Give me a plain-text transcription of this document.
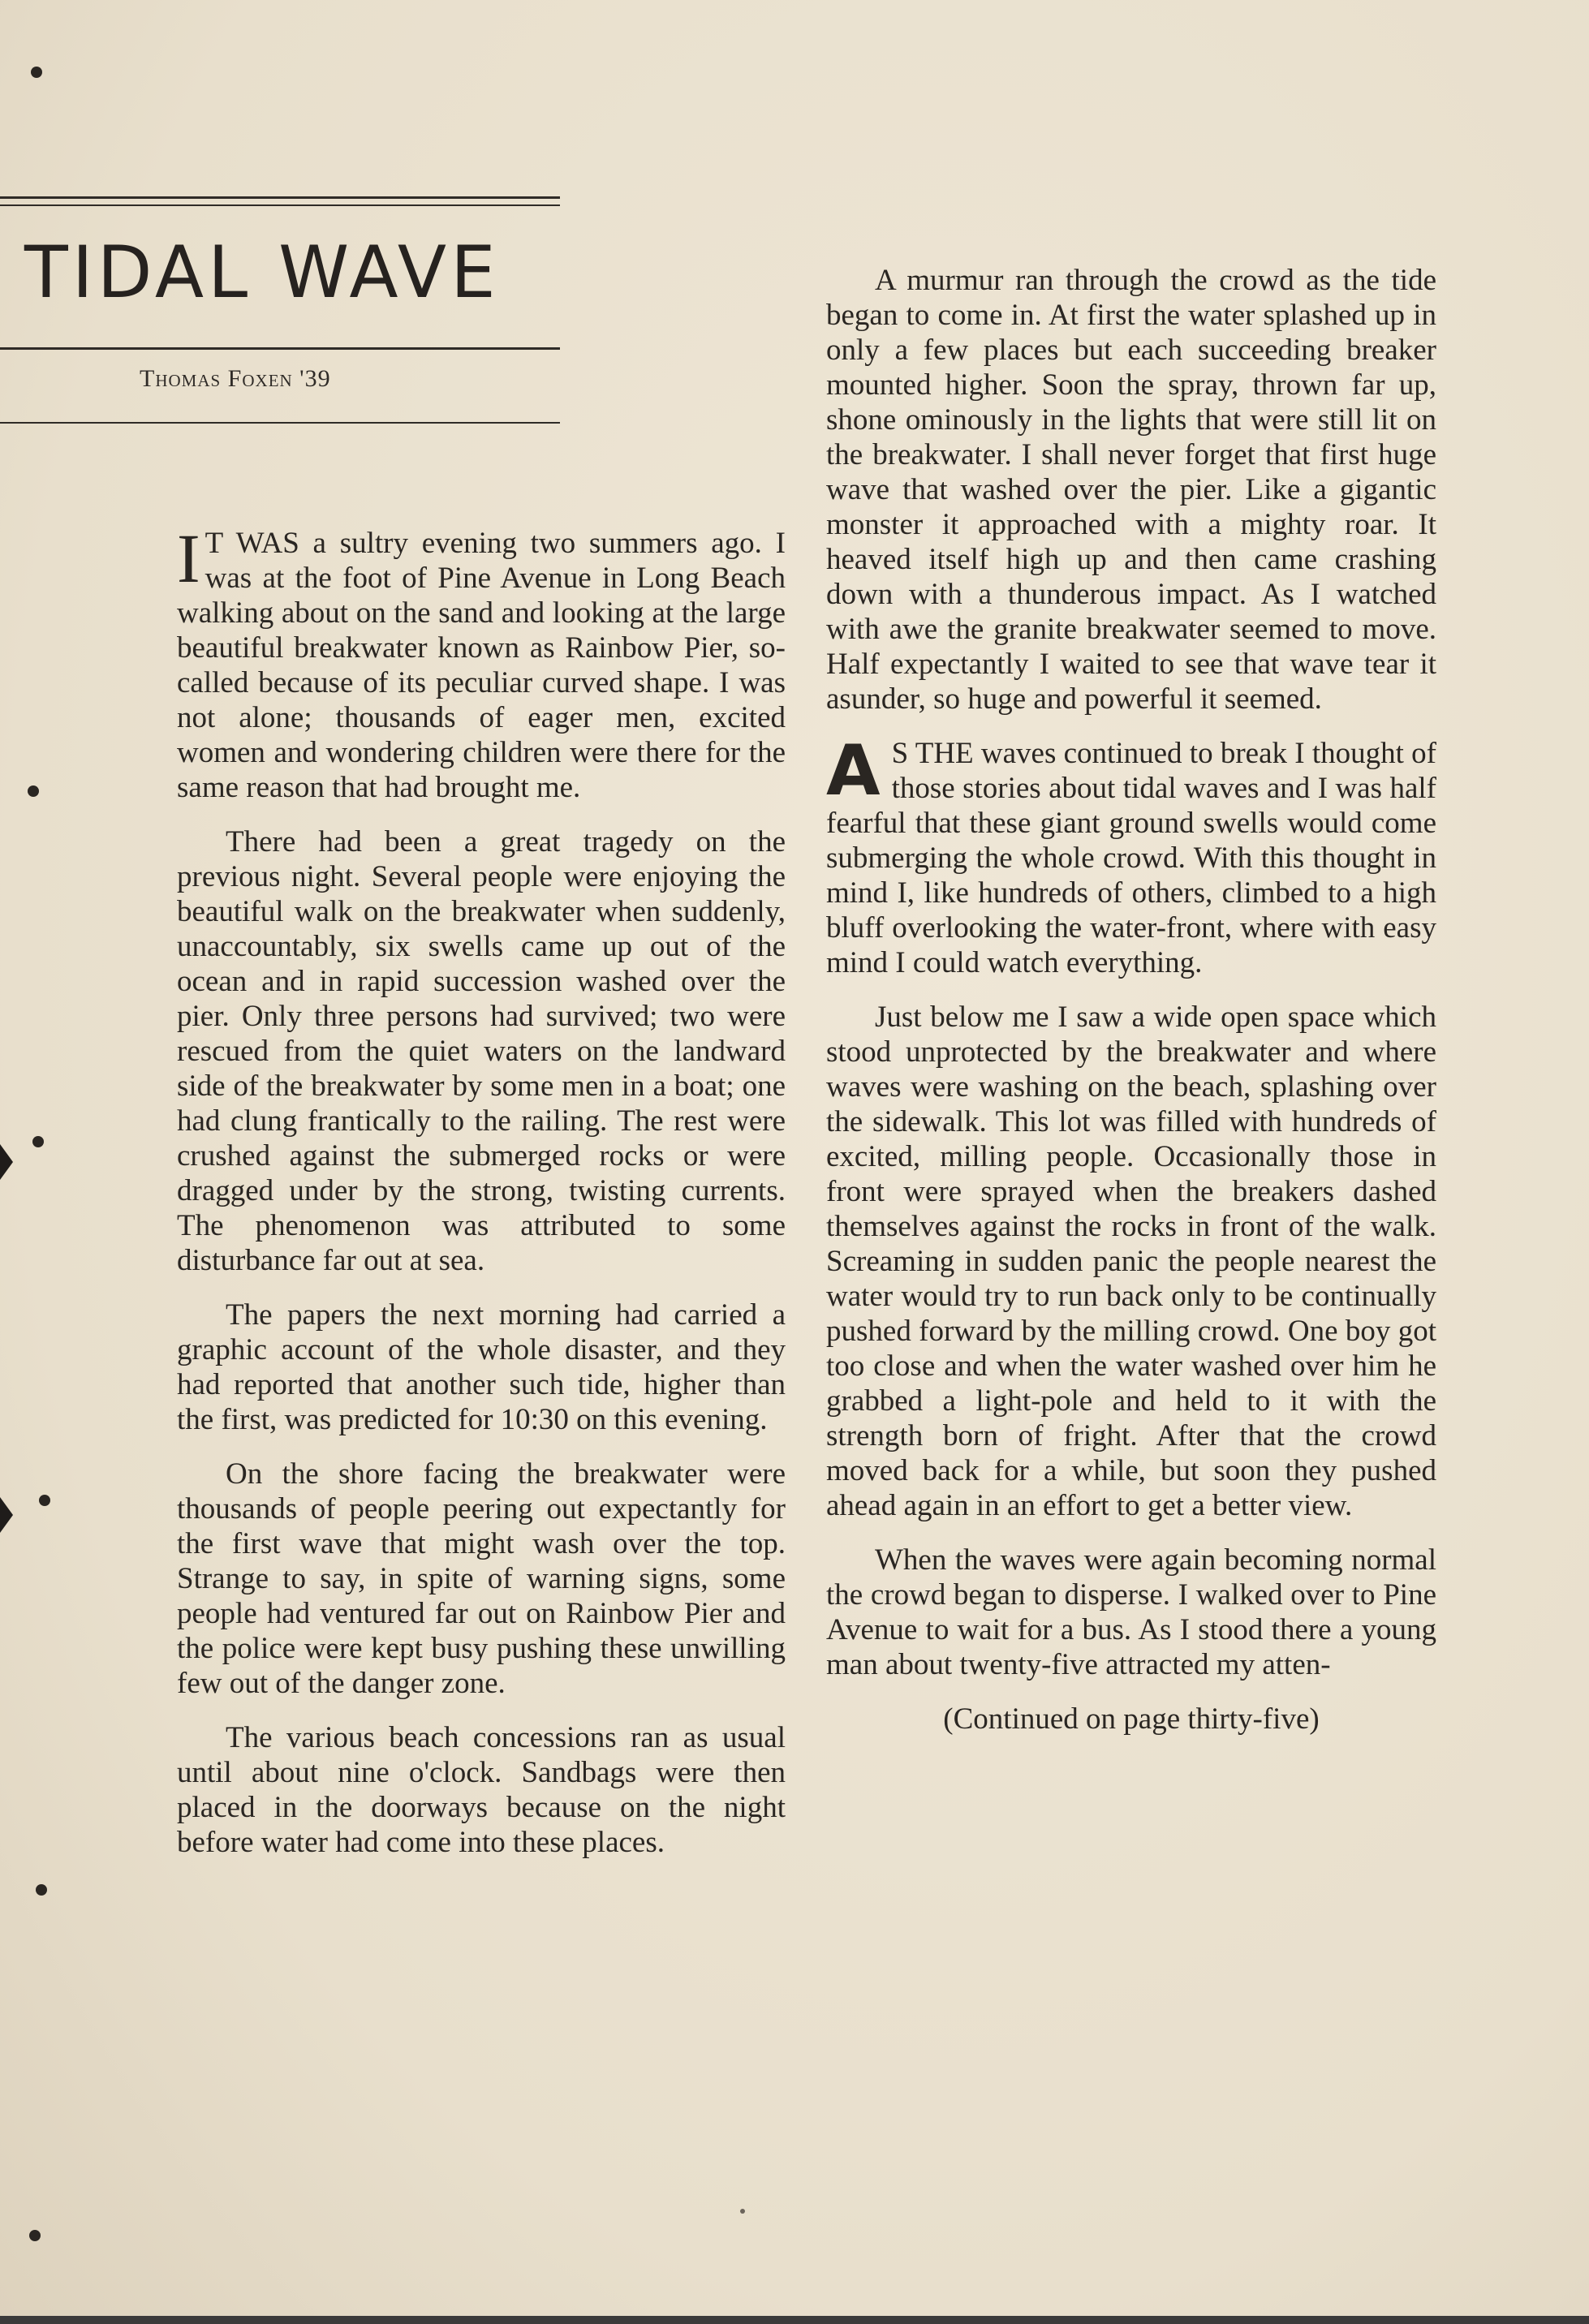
TIDAL WAVE
Thomas Foxen '39

I T WAS a sultry evening two summers ago. I was at the foot of Pine Avenue in Long Beach walking about on the sand and looking at the large beautiful breakwater known as Rainbow Pier, so-called because of its peculiar curved shape. I was not alone; thousands of eager men, excited women and wondering children were there for the same reason that had brought me.

There had been a great tragedy on the previous night. Several people were enjoying the beautiful walk on the breakwater when suddenly, unaccountably, six swells came up out of the ocean and in rapid succession washed over the pier. Only three persons had survived; two were rescued from the quiet waters on the landward side of the breakwater by some men in a boat; one had clung frantically to the railing. The rest were crushed against the submerged rocks or were dragged under by the strong, twisting currents. The phenomenon was attributed to some disturbance far out at sea.

The papers the next morning had carried a graphic account of the whole disaster, and they had reported that another such tide, higher than the first, was predicted for 10:30 on this evening.

On the shore facing the breakwater were thousands of people peering out expectantly for the first wave that might wash over the top. Strange to say, in spite of warning signs, some people had ventured far out on Rainbow Pier and the police were kept busy pushing these unwilling few out of the danger zone.

The various beach concessions ran as usual until about nine o'clock. Sandbags were then placed in the doorways because on the night before water had come into these places.

A murmur ran through the crowd as the tide began to come in. At first the water splashed up in only a few places but each succeeding breaker mounted higher. Soon the spray, thrown far up, shone ominously in the lights that were still lit on the breakwater. I shall never forget that first huge wave that washed over the pier. Like a gigantic monster it approached with a mighty roar. It heaved itself high up and then came crashing down with a thunderous impact. As I watched with awe the granite breakwater seemed to move. Half expectantly I waited to see that wave tear it asunder, so huge and powerful it seemed.

A S THE waves continued to break I thought of those stories about tidal waves and I was half fearful that these giant ground swells would come submerging the whole crowd. With this thought in mind I, like hundreds of others, climbed to a high bluff overlooking the water-front, where with easy mind I could watch everything.

Just below me I saw a wide open space which stood unprotected by the breakwater and where waves were washing on the beach, splashing over the sidewalk. This lot was filled with hundreds of excited, milling people. Occasionally those in front were sprayed when the breakers dashed themselves against the rocks in front of the walk. Screaming in sudden panic the people nearest the water would try to run back only to be continually pushed forward by the milling crowd. One boy got too close and when the water washed over him he grabbed a light-pole and held to it with the strength born of fright. After that the crowd moved back for a while, but soon they pushed ahead again in an effort to get a better view.

When the waves were again becoming normal the crowd began to disperse. I walked over to Pine Avenue to wait for a bus. As I stood there a young man about twenty-five attracted my atten-

(Continued on page thirty-five)
